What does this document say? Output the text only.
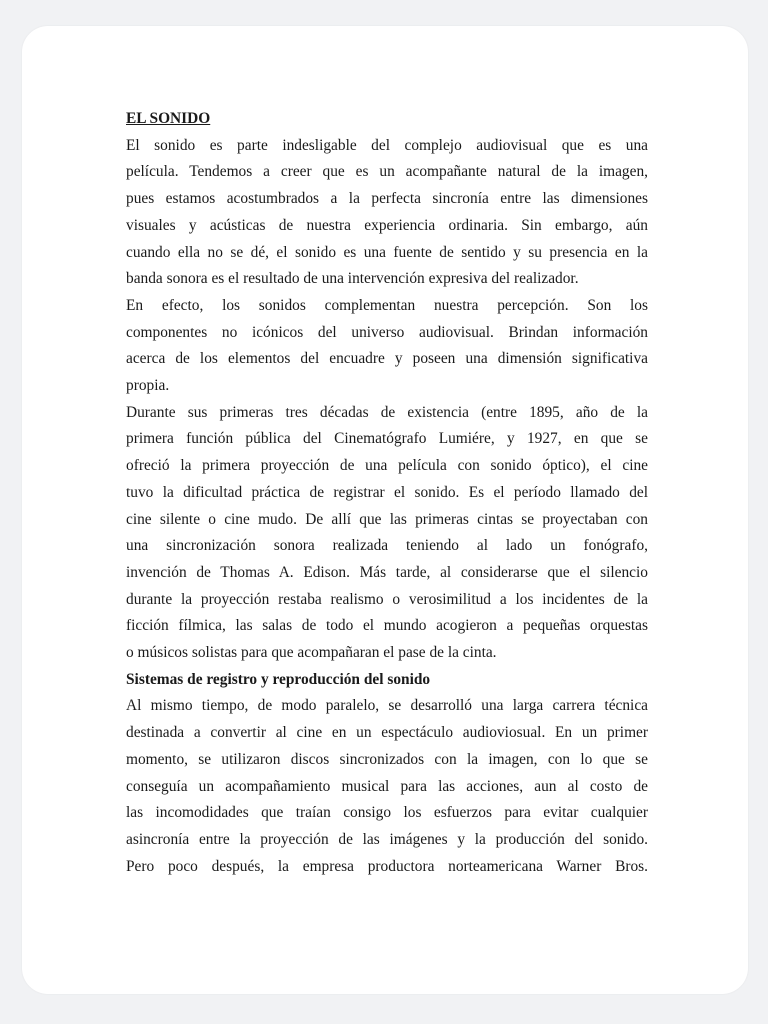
EL SONIDO

El sonido es parte indesligable del complejo audiovisual que es una
película. Tendemos a creer que es un acompañante natural de la imagen,
pues estamos acostumbrados a la perfecta sincronía entre las dimensiones
visuales y acústicas de nuestra experiencia ordinaria. Sin embargo, aún
cuando ella no se dé, el sonido es una fuente de sentido y su presencia en la
banda sonora es el resultado de una intervención expresiva del realizador.

En efecto, los sonidos complementan nuestra percepción. Son los
componentes no icónicos del universo audiovisual. Brindan información
acerca de los elementos del encuadre y poseen una dimensión significativa
propia.

Durante sus primeras tres décadas de existencia (entre 1895, año de la
primera función pública del Cinematógrafo Lumiére, y 1927, en que se
ofreció la primera proyección de una película con sonido óptico), el cine
tuvo la dificultad práctica de registrar el sonido. Es el período llamado del
cine silente o cine mudo. De allí que las primeras cintas se proyectaban con
una sincronización sonora realizada teniendo al lado un fonógrafo,
invención de Thomas A. Edison. Más tarde, al considerarse que el silencio
durante la proyección restaba realismo o verosimilitud a los incidentes de la
ficción fílmica, las salas de todo el mundo acogieron a pequeñas orquestas
o músicos solistas para que acompañaran el pase de la cinta.

Sistemas de registro y reproducción del sonido

Al mismo tiempo, de modo paralelo, se desarrolló una larga carrera técnica
destinada a convertir al cine en un espectáculo audioviosual. En un primer
momento, se utilizaron discos sincronizados con la imagen, con lo que se
conseguía un acompañamiento musical para las acciones, aun al costo de
las incomodidades que traían consigo los esfuerzos para evitar cualquier
asincronía entre la proyección de las imágenes y la producción del sonido.
Pero poco después, la empresa productora norteamericana Warner Bros.
